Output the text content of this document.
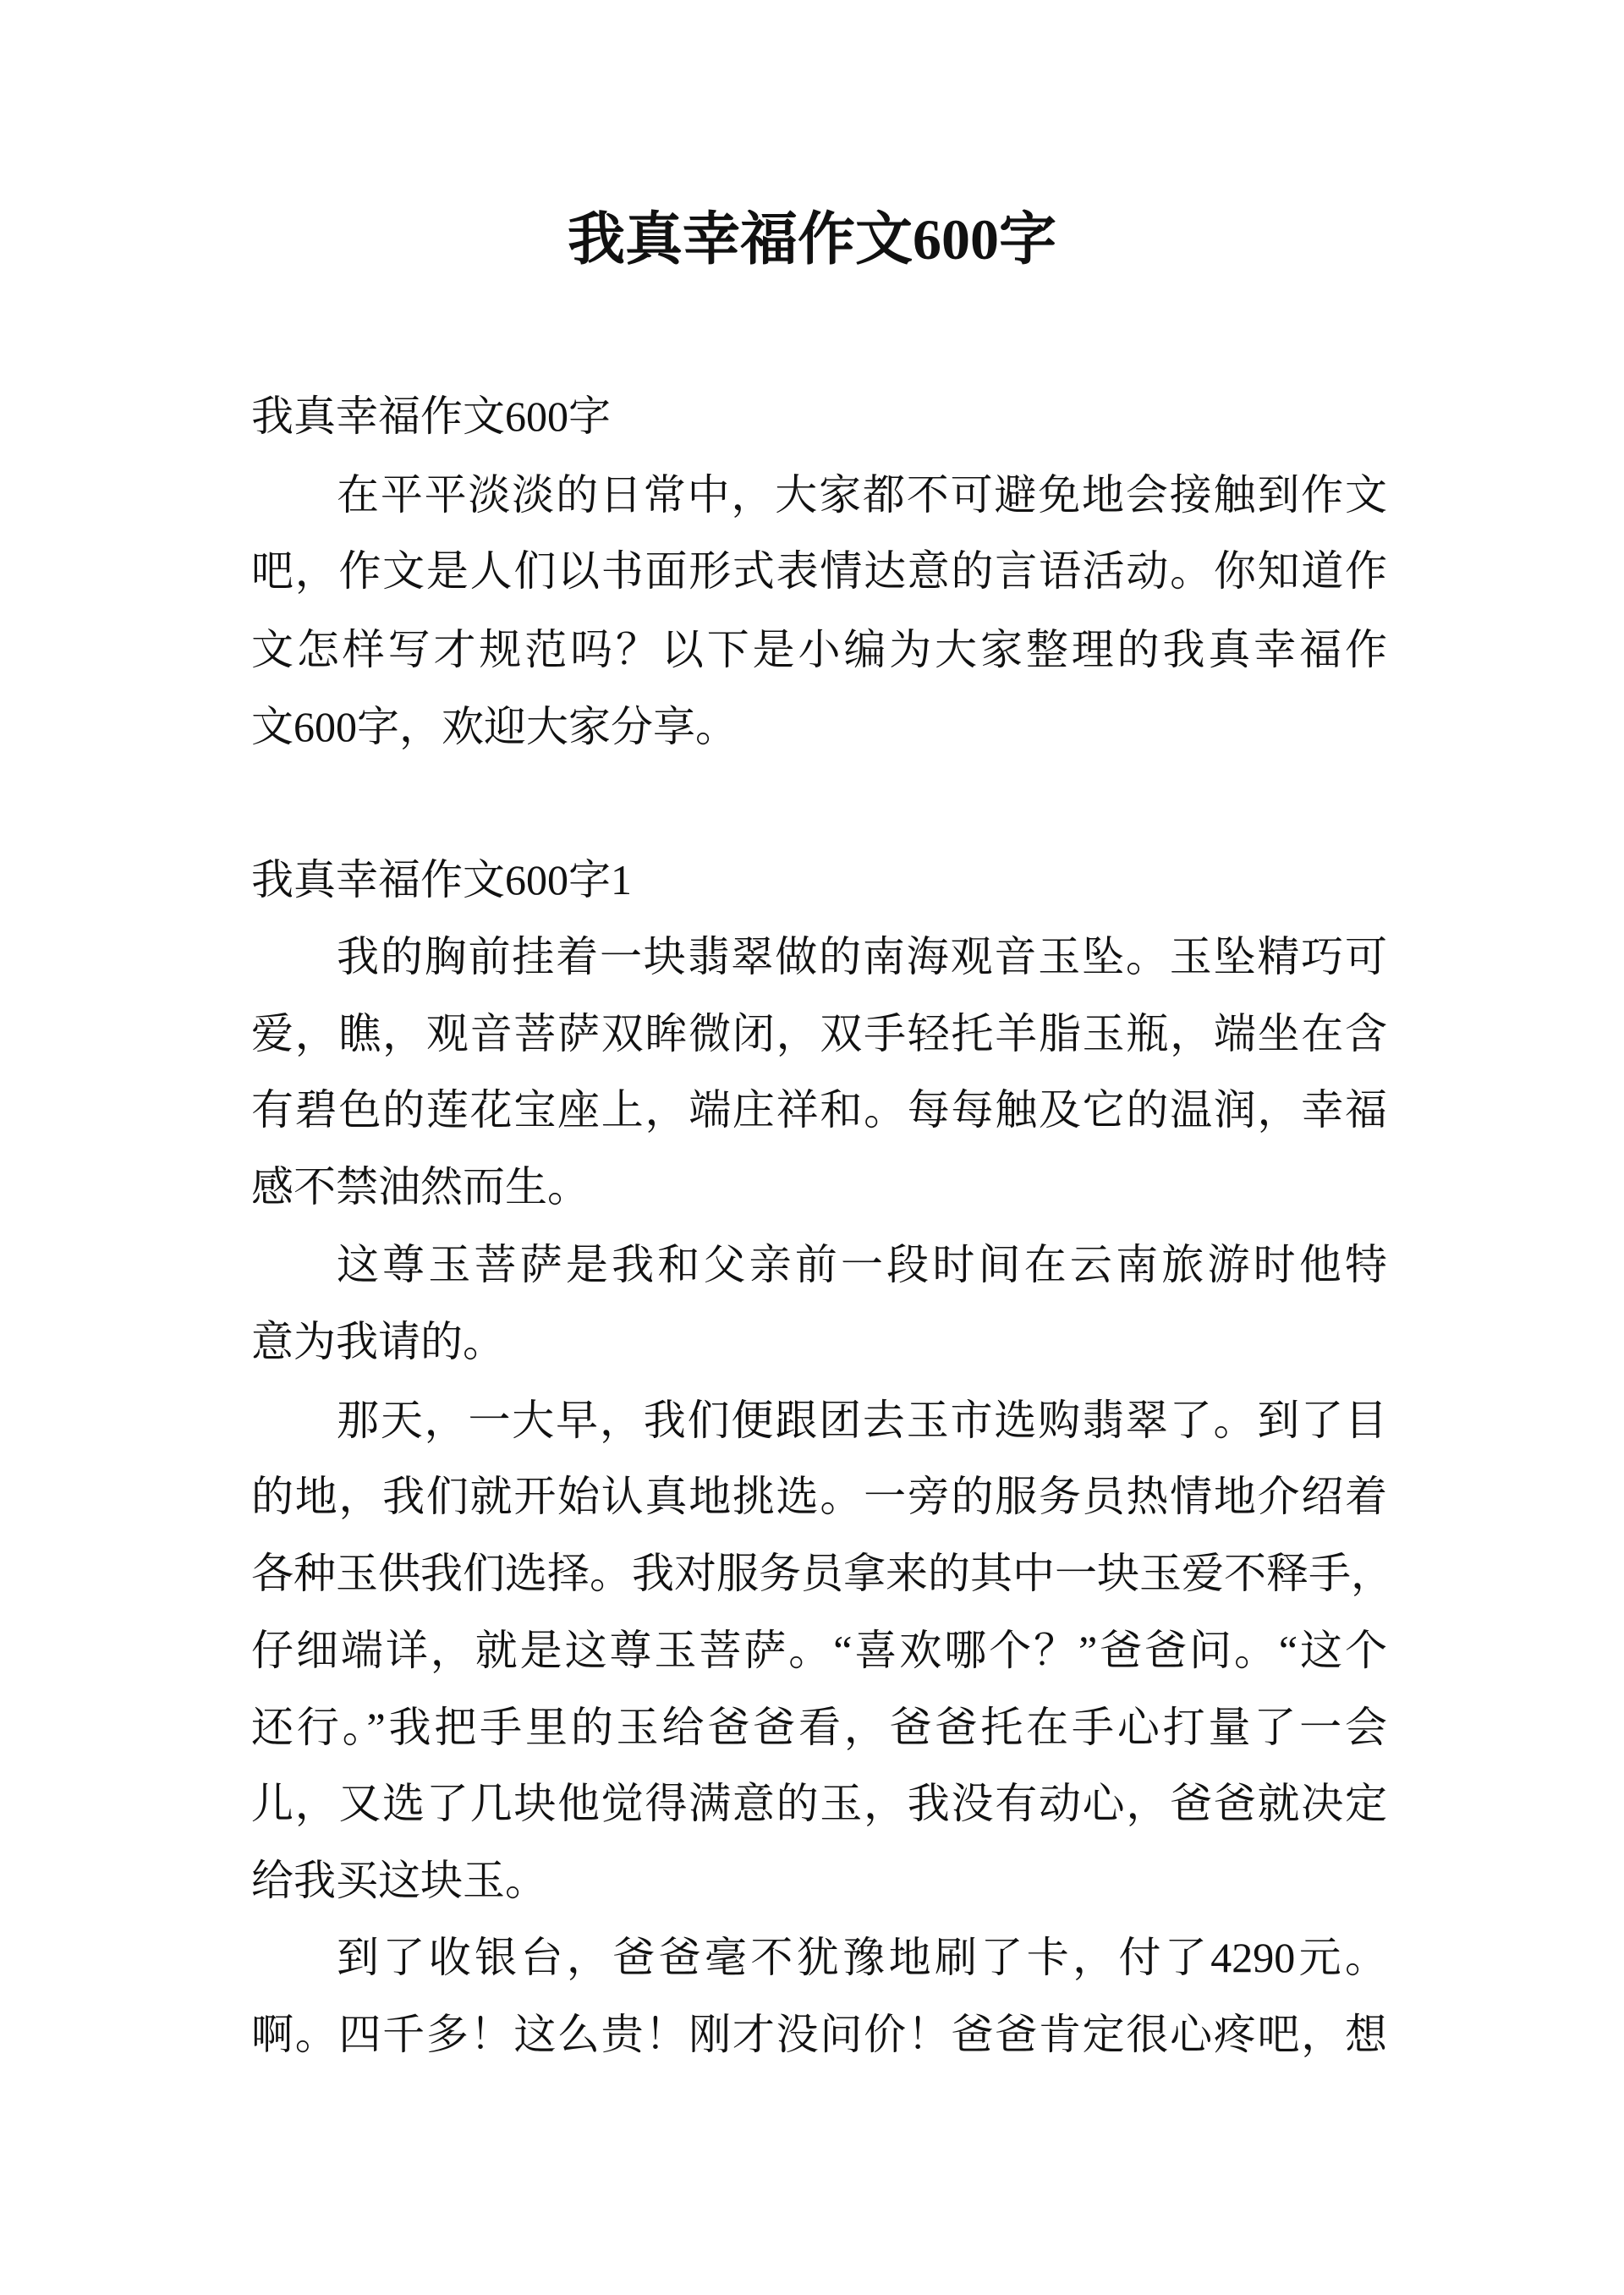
我真幸福作文600字
我真幸福作文600字
在平平淡淡的日常中，大家都不可避免地会接触到作文
吧，作文是人们以书面形式表情达意的言语活动。你知道作
文怎样写才规范吗？以下是小编为大家整理的我真幸福作
文600字，欢迎大家分享。
我真幸福作文600字1
我的胸前挂着一块翡翠做的南海观音玉坠。玉坠精巧可
爱，瞧，观音菩萨双眸微闭，双手轻托羊脂玉瓶，端坐在含
有碧色的莲花宝座上，端庄祥和。每每触及它的温润，幸福
感不禁油然而生。
这尊玉菩萨是我和父亲前一段时间在云南旅游时他特
意为我请的。
那天，一大早，我们便跟团去玉市选购翡翠了。到了目
的地，我们就开始认真地挑选。一旁的服务员热情地介绍着
各种玉供我们选择。我对服务员拿来的其中一块玉爱不释手，
仔细端详，就是这尊玉菩萨。“喜欢哪个？”爸爸问。“这个
还行。”我把手里的玉给爸爸看，爸爸托在手心打量了一会
儿，又选了几块他觉得满意的玉，我没有动心，爸爸就决定
给我买这块玉。
到了收银台，爸爸毫不犹豫地刷了卡，付了4290元。
啊。四千多！这么贵！刚才没问价！爸爸肯定很心疼吧，想
